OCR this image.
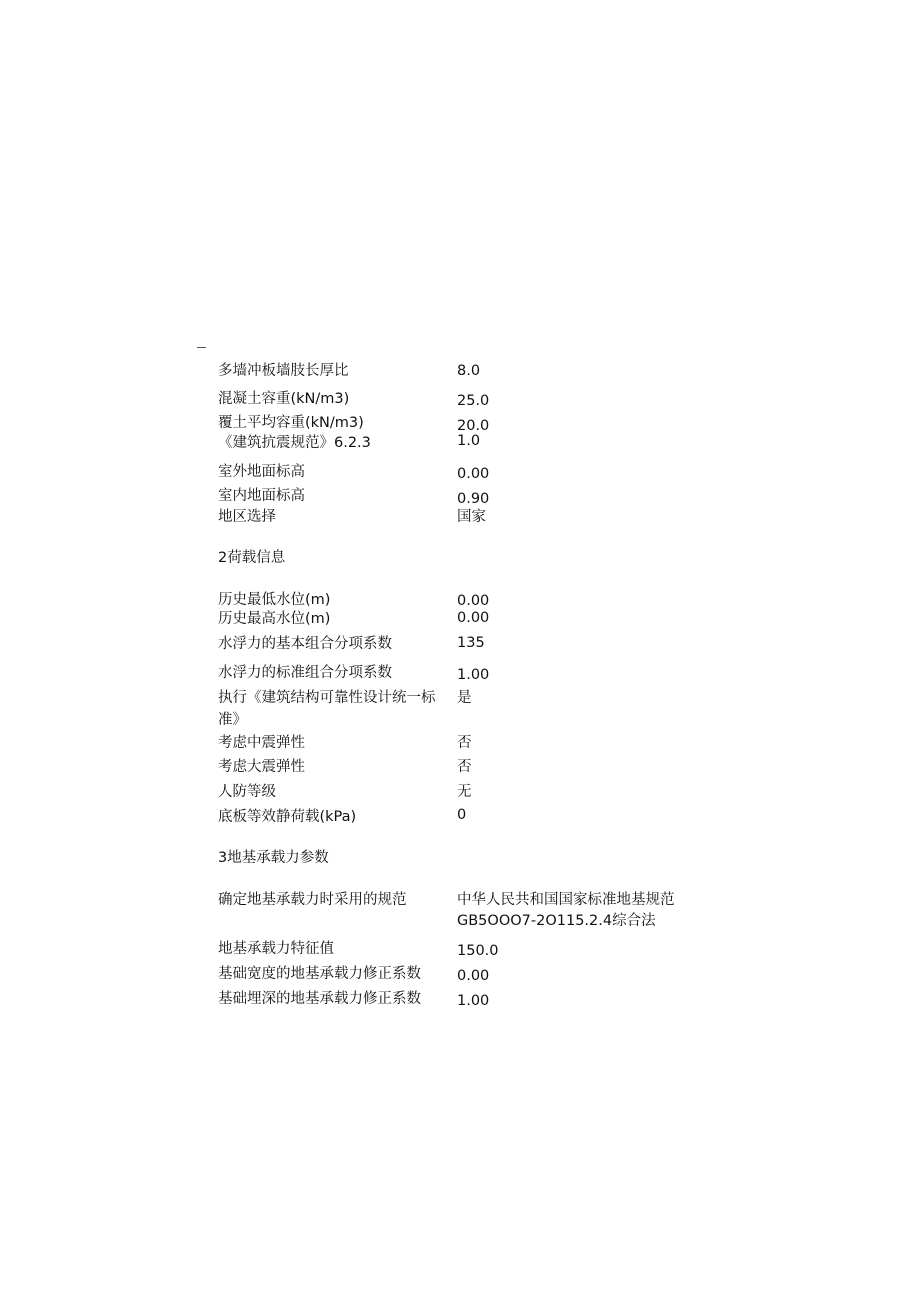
多墙冲板墙肢长厚比	8.0
混凝土容重(kN/m3)	25.0
覆土平均容重(kN/m3)	20.0
《建筑抗震规范》6.2.3	1.0
室外地面标高	0.00
室内地面标高	0.90
地区选择	国家
2荷载信息
历史最低水位(m)	0.00
历史最高水位(m)	0.00
水浮力的基本组合分项系数	135
水浮力的标准组合分项系数	1.00
执行《建筑结构可靠性设计统一标准》
是
考虑中震弹性	否
考虑大震弹性	否
人防等级	无
底板等效静荷载(kPa)	0
3地基承载力参数
确定地基承载力时采用的规范	中华人民共和国国家标准地基规范
GB5OOO7-2O115.2.4综合法
地基承载力特征值	150.0
基础宽度的地基承载力修正系数	0.00
基础埋深的地基承载力修正系数	1.00
